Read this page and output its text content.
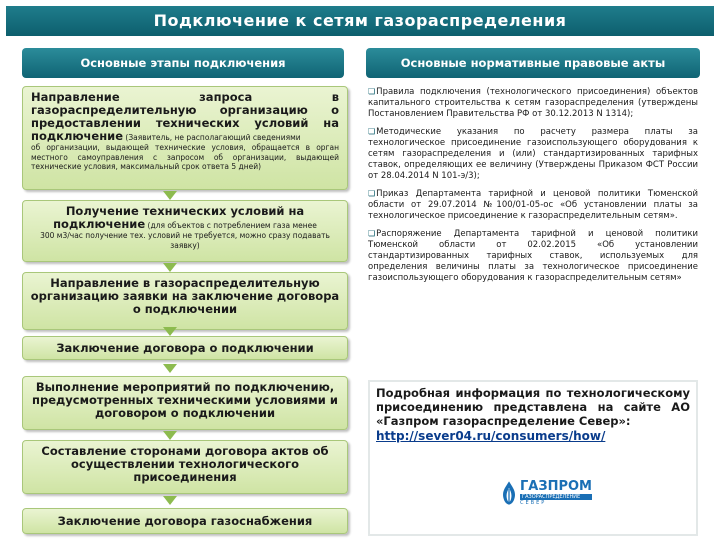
Подключение к сетям газораспределения
Основные этапы подключения	Основные нормативные правовые акты
Направление запроса в
газораспределительную организацию о
предоставлении технических условий на
подключение (Заявитель, не располагающий сведениями
об организации, выдающей технические условия, обращается в орган местного самоуправления с запросом об организации, выдающей технические условия, максимальный срок ответа 5 дней)
Получение технических условий на
подключение (для объектов с потреблением газа менее
300 м3/час получение тех. условий не требуется, можно сразу подавать заявку)
Направление в газораспределительную организацию заявки на заключение договора о подключении
Заключение договора о подключении
Выполнение мероприятий по подключению, предусмотренных техническими условиями и договором о подключении
Составление сторонами договора актов об осуществлении технологического присоединения
Заключение договора газоснабжения
❏Правила подключения (технологического присоединения) объектов капитального строительства к сетям газораспределения (утверждены Постановлением Правительства РФ от 30.12.2013 N 1314);
❏Методические указания по расчету размера платы за технологическое присоединение газоиспользующего оборудования к сетям газораспределения и (или) стандартизированных тарифных ставок, определяющих ее величину (Утверждены Приказом ФСТ России от 28.04.2014 N 101-э/3);
❏Приказ Департамента тарифной и ценовой политики Тюменской области от 29.07.2014 №100/01-05-ос «Об установлении платы за технологическое присоединение к газораспределительным сетям».
❏Распоряжение Департамента тарифной и ценовой политики Тюменской области от 02.02.2015 «Об установлении стандартизированных тарифных ставок, используемых для определения величины платы за технологическое присоединение газоиспользующего оборудования к газораспределительным сетям»
Подробная информация по технологическому присоединению представлена на сайте АО «Газпром газораспределение Север»:
http://sever04.ru/consumers/how/
ГАЗПРОМ
ГАЗОРАСПРЕДЕЛЕНИЕ
СЕВЕР
